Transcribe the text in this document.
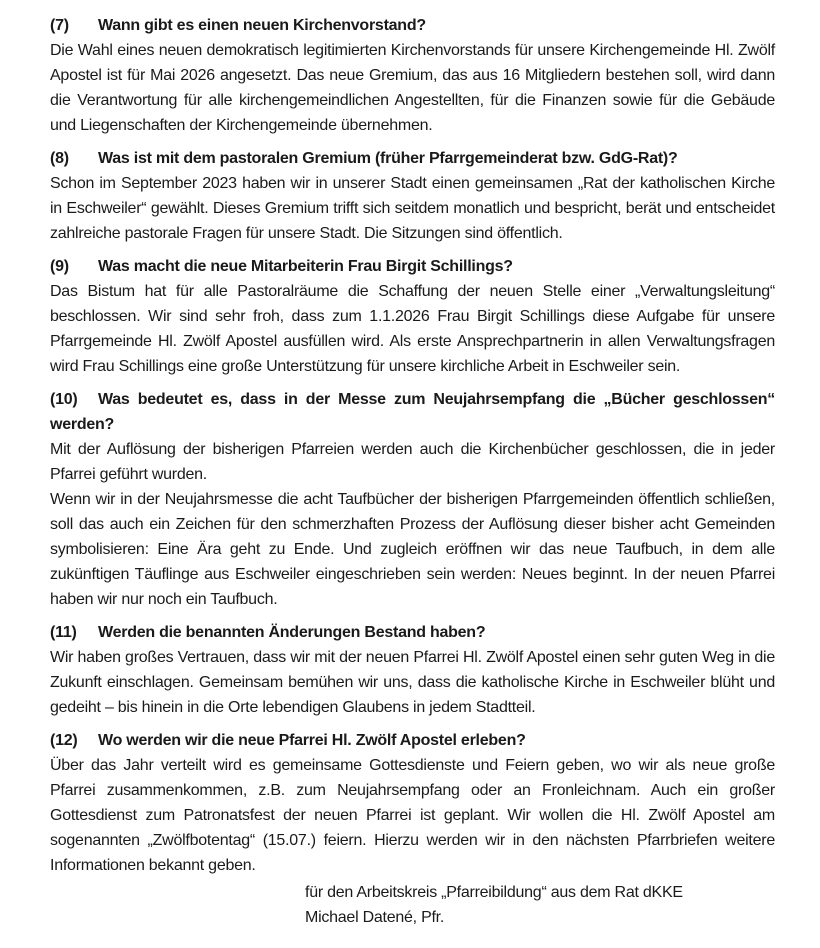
(7) Wann gibt es einen neuen Kirchenvorstand?

Die Wahl eines neuen demokratisch legitimierten Kirchenvorstands für unsere Kirchengemeinde Hl. Zwölf Apostel ist für Mai 2026 angesetzt. Das neue Gremium, das aus 16 Mitgliedern bestehen soll, wird dann die Verantwortung für alle kirchengemeindlichen Angestellten, für die Finanzen sowie für die Gebäude und Liegenschaften der Kirchengemeinde übernehmen.

(8) Was ist mit dem pastoralen Gremium (früher Pfarrgemeinderat bzw. GdG-Rat)?

Schon im September 2023 haben wir in unserer Stadt einen gemeinsamen „Rat der katholischen Kirche in Eschweiler“ gewählt. Dieses Gremium trifft sich seitdem monatlich und bespricht, berät und entscheidet zahlreiche pastorale Fragen für unsere Stadt. Die Sitzungen sind öffentlich.

(9) Was macht die neue Mitarbeiterin Frau Birgit Schillings?

Das Bistum hat für alle Pastoralräume die Schaffung der neuen Stelle einer „Verwaltungsleitung“ beschlossen. Wir sind sehr froh, dass zum 1.1.2026 Frau Birgit Schillings diese Aufgabe für unsere Pfarrgemeinde Hl. Zwölf Apostel ausfüllen wird. Als erste Ansprechpartnerin in allen Verwaltungsfragen wird Frau Schillings eine große Unterstützung für unsere kirchliche Arbeit in Eschweiler sein.

(10) Was bedeutet es, dass in der Messe zum Neujahrsempfang die „Bücher geschlossen“ werden?

Mit der Auflösung der bisherigen Pfarreien werden auch die Kirchenbücher geschlossen, die in jeder Pfarrei geführt wurden.

Wenn wir in der Neujahrsmesse die acht Taufbücher der bisherigen Pfarrgemeinden öffentlich schließen, soll das auch ein Zeichen für den schmerzhaften Prozess der Auflösung dieser bisher acht Gemeinden symbolisieren: Eine Ära geht zu Ende. Und zugleich eröffnen wir das neue Taufbuch, in dem alle zukünftigen Täuflinge aus Eschweiler eingeschrieben sein werden: Neues beginnt. In der neuen Pfarrei haben wir nur noch ein Taufbuch.

(11) Werden die benannten Änderungen Bestand haben?

Wir haben großes Vertrauen, dass wir mit der neuen Pfarrei Hl. Zwölf Apostel einen sehr guten Weg in die Zukunft einschlagen. Gemeinsam bemühen wir uns, dass die katholische Kirche in Eschweiler blüht und gedeiht – bis hinein in die Orte lebendigen Glaubens in jedem Stadtteil.

(12) Wo werden wir die neue Pfarrei Hl. Zwölf Apostel erleben?

Über das Jahr verteilt wird es gemeinsame Gottesdienste und Feiern geben, wo wir als neue große Pfarrei zusammenkommen, z.B. zum Neujahrsempfang oder an Fronleichnam. Auch ein großer Gottesdienst zum Patronatsfest der neuen Pfarrei ist geplant. Wir wollen die Hl. Zwölf Apostel am sogenannten „Zwölfbotentag“ (15.07.) feiern. Hierzu werden wir in den nächsten Pfarrbriefen weitere Informationen bekannt geben.

für den Arbeitskreis „Pfarreibildung“ aus dem Rat dKKE

Michael Datené, Pfr.
